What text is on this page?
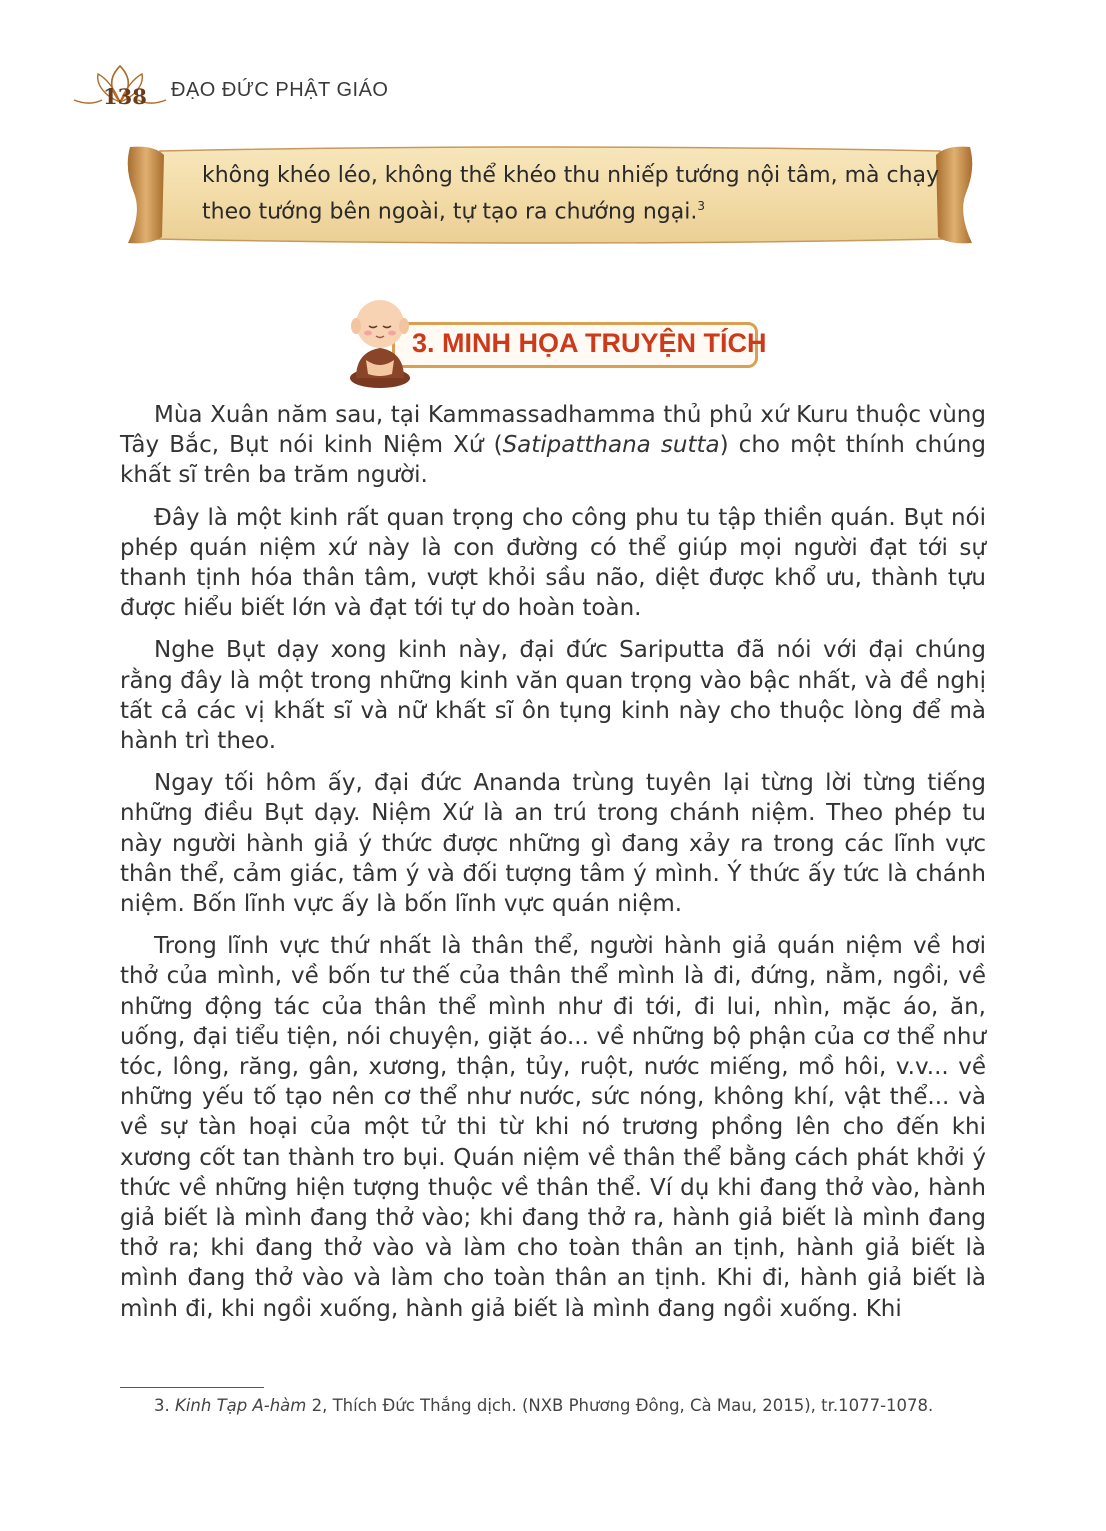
138 ĐẠO ĐỨC PHẬT GIÁO
không khéo léo, không thể khéo thu nhiếp tướng nội tâm, mà chạy theo tướng bên ngoài, tự tạo ra chướng ngại.$^3$
3. MINH HỌA TRUYỆN TÍCH

Mùa Xuân năm sau, tại Kammassadhamma thủ phủ xứ Kuru thuộc vùng Tây Bắc, Bụt nói kinh Niệm Xứ (Satipatthana sutta) cho một thính chúng khất sĩ trên ba trăm người.

Đây là một kinh rất quan trọng cho công phu tu tập thiền quán. Bụt nói phép quán niệm xứ này là con đường có thể giúp mọi người đạt tới sự thanh tịnh hóa thân tâm, vượt khỏi sầu não, diệt được khổ ưu, thành tựu được hiểu biết lớn và đạt tới tự do hoàn toàn.

Nghe Bụt dạy xong kinh này, đại đức Sariputta đã nói với đại chúng rằng đây là một trong những kinh văn quan trọng vào bậc nhất, và đề nghị tất cả các vị khất sĩ và nữ khất sĩ ôn tụng kinh này cho thuộc lòng để mà hành trì theo.

Ngay tối hôm ấy, đại đức Ananda trùng tuyên lại từng lời từng tiếng những điều Bụt dạy. Niệm Xứ là an trú trong chánh niệm. Theo phép tu này người hành giả ý thức được những gì đang xảy ra trong các lĩnh vực thân thể, cảm giác, tâm ý và đối tượng tâm ý mình. Ý thức ấy tức là chánh niệm. Bốn lĩnh vực ấy là bốn lĩnh vực quán niệm.

Trong lĩnh vực thứ nhất là thân thể, người hành giả quán niệm về hơi thở của mình, về bốn tư thế của thân thể mình là đi, đứng, nằm, ngồi, về những động tác của thân thể mình như đi tới, đi lui, nhìn, mặc áo, ăn, uống, đại tiểu tiện, nói chuyện, giặt áo... về những bộ phận của cơ thể như tóc, lông, răng, gân, xương, thận, tủy, ruột, nước miếng, mồ hôi, v.v... về những yếu tố tạo nên cơ thể như nước, sức nóng, không khí, vật thể... và về sự tàn hoại của một tử thi từ khi nó trương phồng lên cho đến khi xương cốt tan thành tro bụi. Quán niệm về thân thể bằng cách phát khởi ý thức về những hiện tượng thuộc về thân thể. Ví dụ khi đang thở vào, hành giả biết là mình đang thở vào; khi đang thở ra, hành giả biết là mình đang thở ra; khi đang thở vào và làm cho toàn thân an tịnh, hành giả biết là mình đang thở vào và làm cho toàn thân an tịnh. Khi đi, hành giả biết là mình đi, khi ngồi xuống, hành giả biết là mình đang ngồi xuống. Khi

3. Kinh Tạp A-hàm 2, Thích Đức Thắng dịch. (NXB Phương Đông, Cà Mau, 2015), tr.1077-1078.
